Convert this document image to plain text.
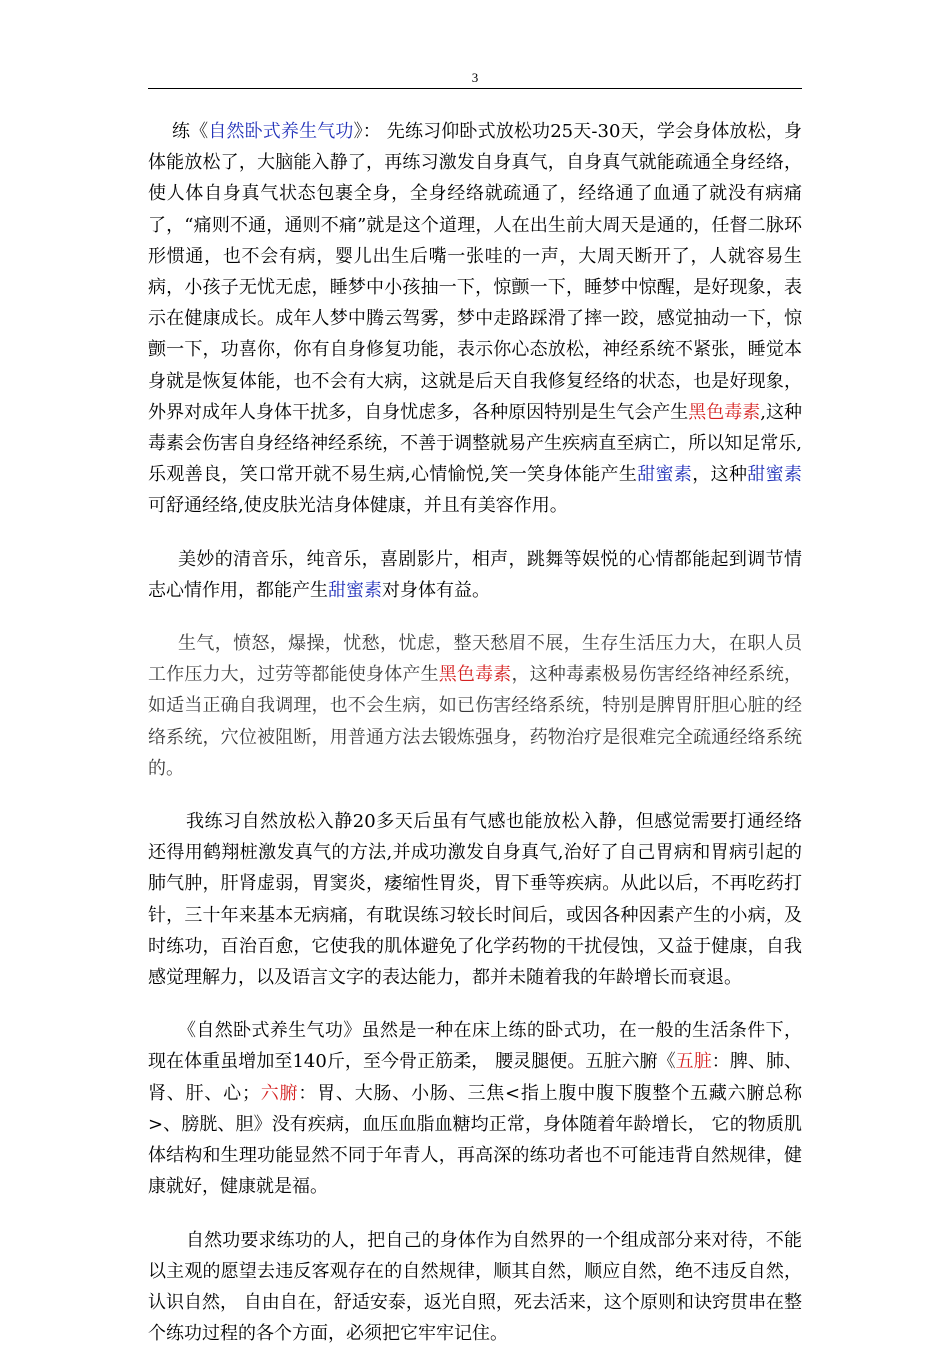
3

练《自然卧式养生气功》： 先练习仰卧式放松功25天-30天，学会身体放松，身体能放松了，大脑能入静了，再练习激发自身真气，自身真气就能疏通全身经络，使人体自身真气状态包裹全身，全身经络就疏通了，经络通了血通了就没有病痛了，“痛则不通，通则不痛”就是这个道理，人在出生前大周天是通的，任督二脉环形惯通，也不会有病，婴儿出生后嘴一张哇的一声，大周天断开了，人就容易生病，小孩子无忧无虑，睡梦中小孩抽一下，惊颤一下，睡梦中惊醒，是好现象，表示在健康成长。成年人梦中腾云驾雾，梦中走路踩滑了摔一跤，感觉抽动一下，惊颤一下，功喜你，你有自身修复功能，表示你心态放松，神经系统不紧张，睡觉本身就是恢复体能，也不会有大病，这就是后天自我修复经络的状态，也是好现象，外界对成年人身体干扰多，自身忧虑多，各种原因特别是生气会产生黑色毒素,这种毒素会伤害自身经络神经系统，不善于调整就易产生疾病直至病亡，所以知足常乐,乐观善良，笑口常开就不易生病,心情愉悦,笑一笑身体能产生甜蜜素，这种甜蜜素可舒通经络,使皮肤光洁身体健康，并且有美容作用。

美妙的清音乐，纯音乐，喜剧影片，相声，跳舞等娱悦的心情都能起到调节情志心情作用，都能产生甜蜜素对身体有益。

生气，愤怒，爆操，忧愁，忧虑，整天愁眉不展，生存生活压力大，在职人员工作压力大，过劳等都能使身体产生黑色毒素，这种毒素极易伤害经络神经系统，如适当正确自我调理，也不会生病，如已伤害经络系统，特别是脾胃肝胆心脏的经络系统，穴位被阻断，用普通方法去锻炼强身，药物治疗是很难完全疏通经络系统的。

我练习自然放松入静20多天后虽有气感也能放松入静，但感觉需要打通经络还得用鹤翔桩激发真气的方法,并成功激发自身真气,治好了自己胃病和胃病引起的肺气肿，肝肾虚弱，胃窦炎，痿缩性胃炎，胃下垂等疾病。从此以后，不再吃药打针，三十年来基本无病痛，有耽误练习较长时间后，或因各种因素产生的小病，及时练功，百治百愈，它使我的肌体避免了化学药物的干扰侵蚀，又益于健康，自我感觉理解力，以及语言文字的表达能力，都并未随着我的年龄增长而衰退。

《自然卧式养生气功》虽然是一种在床上练的卧式功，在一般的生活条件下， 现在体重虽增加至140斤，至今骨正筋柔， 腰灵腿便。五脏六腑《五脏：脾、肺、肾、肝、心；六腑：胃、大肠、小肠、三焦<指上腹中腹下腹整个五藏六腑总称>、膀胱、胆》没有疾病，血压血脂血糖均正常，身体随着年龄增长， 它的物质肌体结构和生理功能显然不同于年青人，再高深的练功者也不可能违背自然规律，健康就好，健康就是福。

自然功要求练功的人，把自己的身体作为自然界的一个组成部分来对待，不能以主观的愿望去违反客观存在的自然规律，顺其自然，顺应自然，绝不违反自然， 认识自然， 自由自在，舒适安泰，返光自照，死去活来，这个原则和诀窍贯串在整个练功过程的各个方面，必须把它牢牢记住。
